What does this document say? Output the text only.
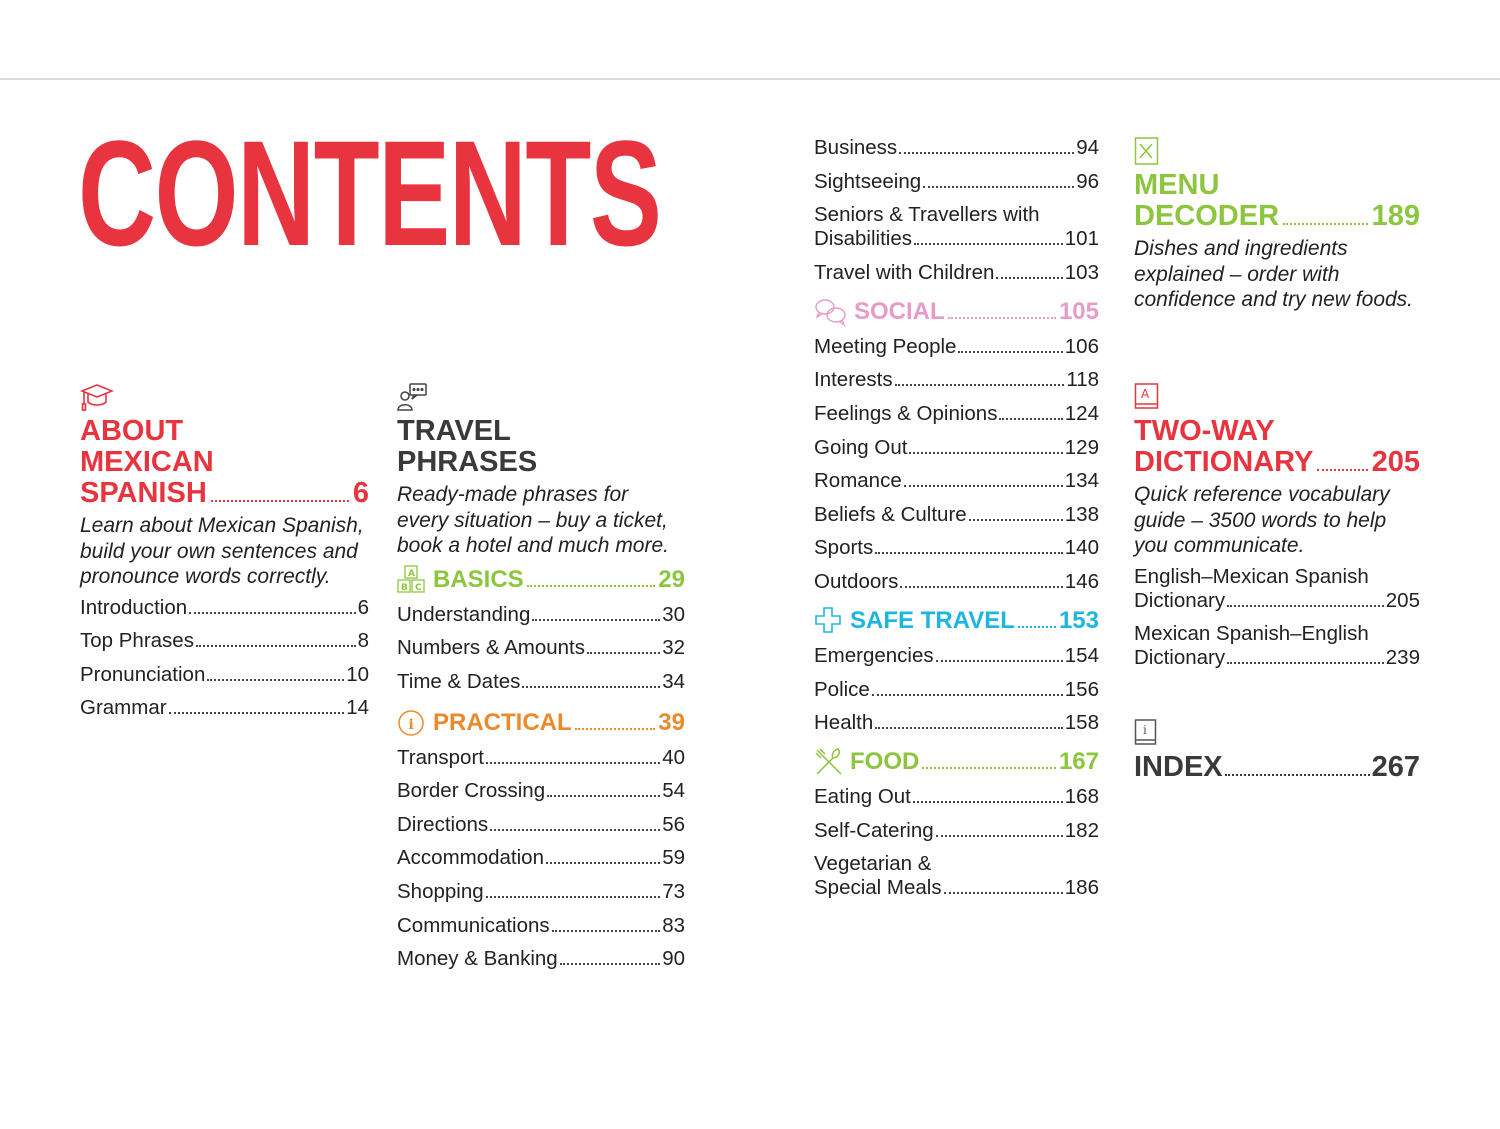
CONTENTS
ABOUT
MEXICAN
SPANISH	6

Learn about Mexican Spanish, build your own sentences and pronounce words correctly.

Introduction	6
Top Phrases	8
Pronunciation	10
Grammar	14
TRAVEL
PHRASES

Ready-made phrases for every situation – buy a ticket, book a hotel and much more.

A
B C BASICS	29
Understanding	30
Numbers & Amounts	32
Time & Dates	34
i PRACTICAL	39
Transport	40
Border Crossing	54
Directions	56
Accommodation	59
Shopping	73
Communications	83
Money & Banking	90
Business	94
Sightseeing	96
Seniors & Travellers with
Disabilities	101
Travel with Children	103
SOCIAL	105
Meeting People	106
Interests	118
Feelings & Opinions	124
Going Out	129
Romance	134
Beliefs & Culture	138
Sports	140
Outdoors	146
SAFE TRAVEL 153
Emergencies	154
Police	156
Health	158
FOOD	167
Eating Out	168
Self-Catering	182
Vegetarian &
Special Meals	186
MENU
DECODER	189

Dishes and ingredients explained – order with confidence and try new foods.

A
TWO-WAY
DICTIONARY 205

Quick reference vocabulary guide – 3500 words to help you communicate.

English–Mexican Spanish
Dictionary	205
Mexican Spanish–English
Dictionary	239
i
INDEX	267
